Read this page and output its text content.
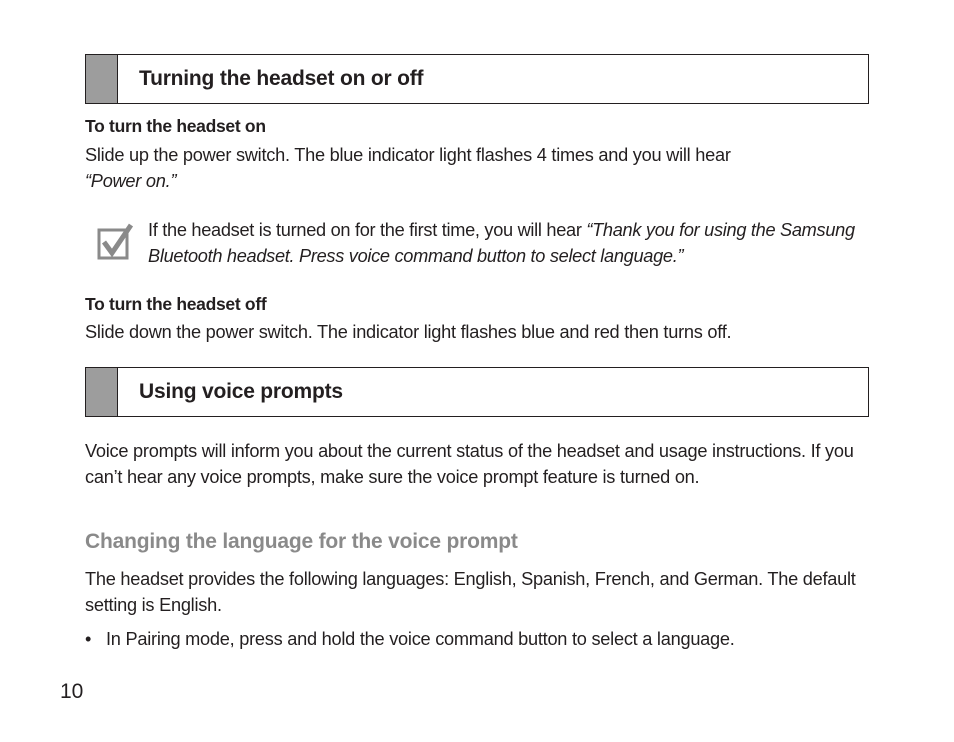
Turning the headset on or off
To turn the headset on
Slide up the power switch. The blue indicator light flashes 4 times and you will hear
“Power on.”
If the headset is turned on for the first time, you will hear “Thank you for using the Samsung Bluetooth headset. Press voice command button to select language.”
To turn the headset off
Slide down the power switch. The indicator light flashes blue and red then turns off.
Using voice prompts
Voice prompts will inform you about the current status of the headset and usage instructions. If you can’t hear any voice prompts, make sure the voice prompt feature is turned on.
Changing the language for the voice prompt
The headset provides the following languages: English, Spanish, French, and German. The default setting is English.
• In Pairing mode, press and hold the voice command button to select a language.
10
